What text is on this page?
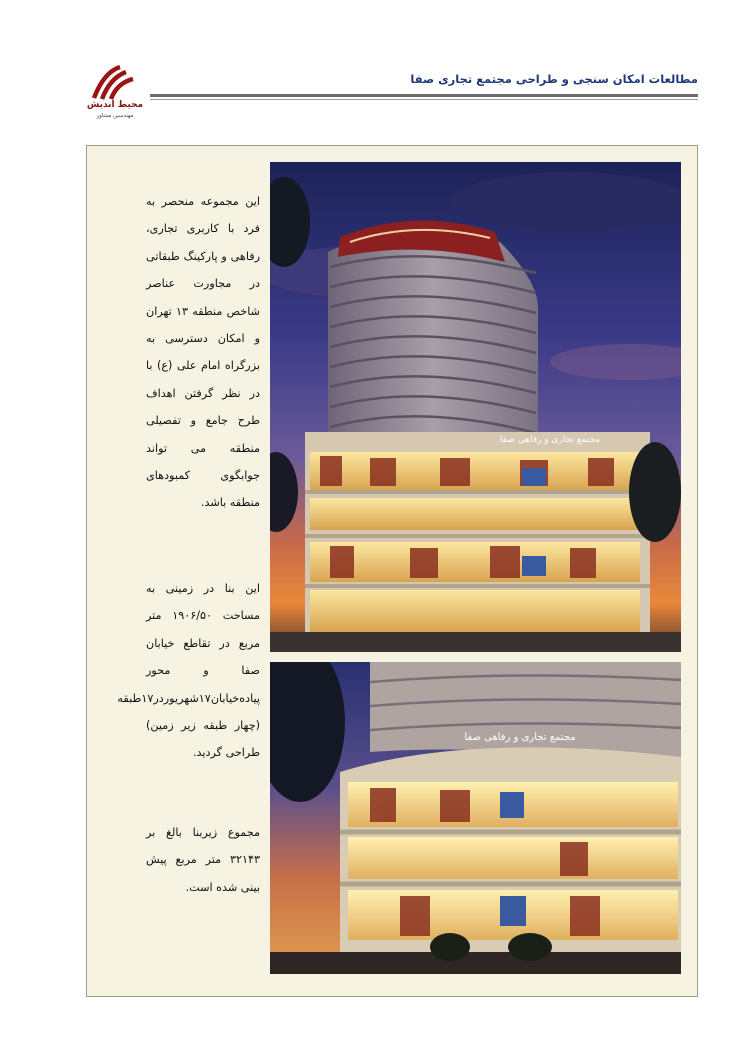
محیط اندیش
مهندسین مشاور
مطالعات امکان سنجی و طراحی مجتمع تجاری صفا
این مجموعه منحصر به فرد با کاربری تجاری، رفاهی و پارکینگ طبقاتی در مجاورت عناصر شاخص منطقه ۱۳ تهران و امکان دسترسی به بزرگراه امام علی (ع) با در نظر گرفتن اهداف طرح جامع و تفصیلی منطقه می تواند جوابگوی کمبودهای منطقه باشد.
این بنا در زمینی به مساحت ۱۹۰۶/۵۰ متر مربع در تقاطع خیابان صفا و محور پیاده‌خیابان۱۷شهریوردر۱۷طبقه (چهار طبقه زیر زمین) طراحی گردید.
مجموع زیربنا بالغ بر ۳۲۱۴۳ متر مربع پیش بینی شده است.
مجتمع تجاری و رفاهی صفا
مجتمع تجاری و رفاهی صفا
